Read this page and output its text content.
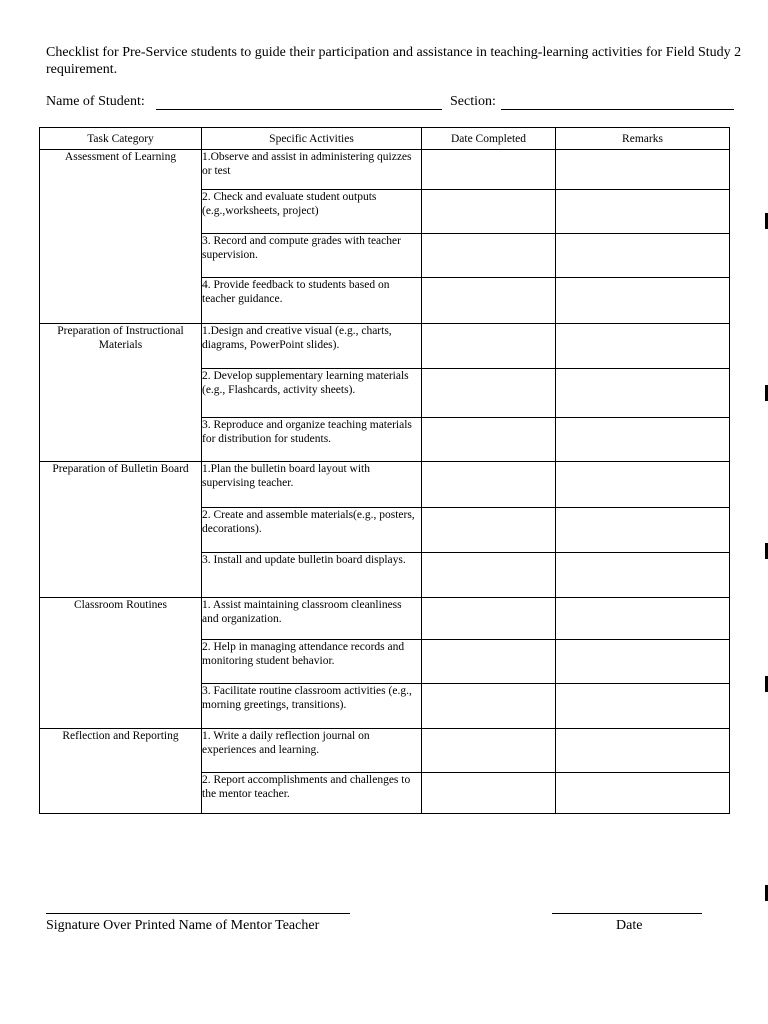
Checklist for Pre-Service students to guide their participation and assistance in teaching-learning activities for Field Study 2 requirement.

Name of Student:	Section:
Task Category	Specific Activities	Date Completed	Remarks
Assessment of Learning	1.Observe and assist in administering quizzes or test		
	2. Check and evaluate student outputs (e.g.,worksheets, project)		
	3. Record and compute grades with teacher supervision.		
	4. Provide feedback to students based on teacher guidance.		
Preparation of Instructional Materials	1.Design and creative visual (e.g., charts, diagrams, PowerPoint slides).		
	2. Develop supplementary learning materials (e.g., Flashcards, activity sheets).		
	3. Reproduce and organize teaching materials for distribution for students.		
Preparation of Bulletin Board	1.Plan the bulletin board layout with supervising teacher.		
	2. Create and assemble materials(e.g., posters, decorations).		
	3. Install and update bulletin board displays.		
Classroom Routines	1. Assist maintaining classroom cleanliness and organization.		
	2. Help in managing attendance records and monitoring student behavior.		
	3. Facilitate routine classroom activities (e.g., morning greetings, transitions).		
Reflection and Reporting	1. Write a daily reflection journal on experiences and learning.		
	2. Report accomplishments and challenges to the mentor teacher.		
Signature Over Printed Name of Mentor Teacher	Date
